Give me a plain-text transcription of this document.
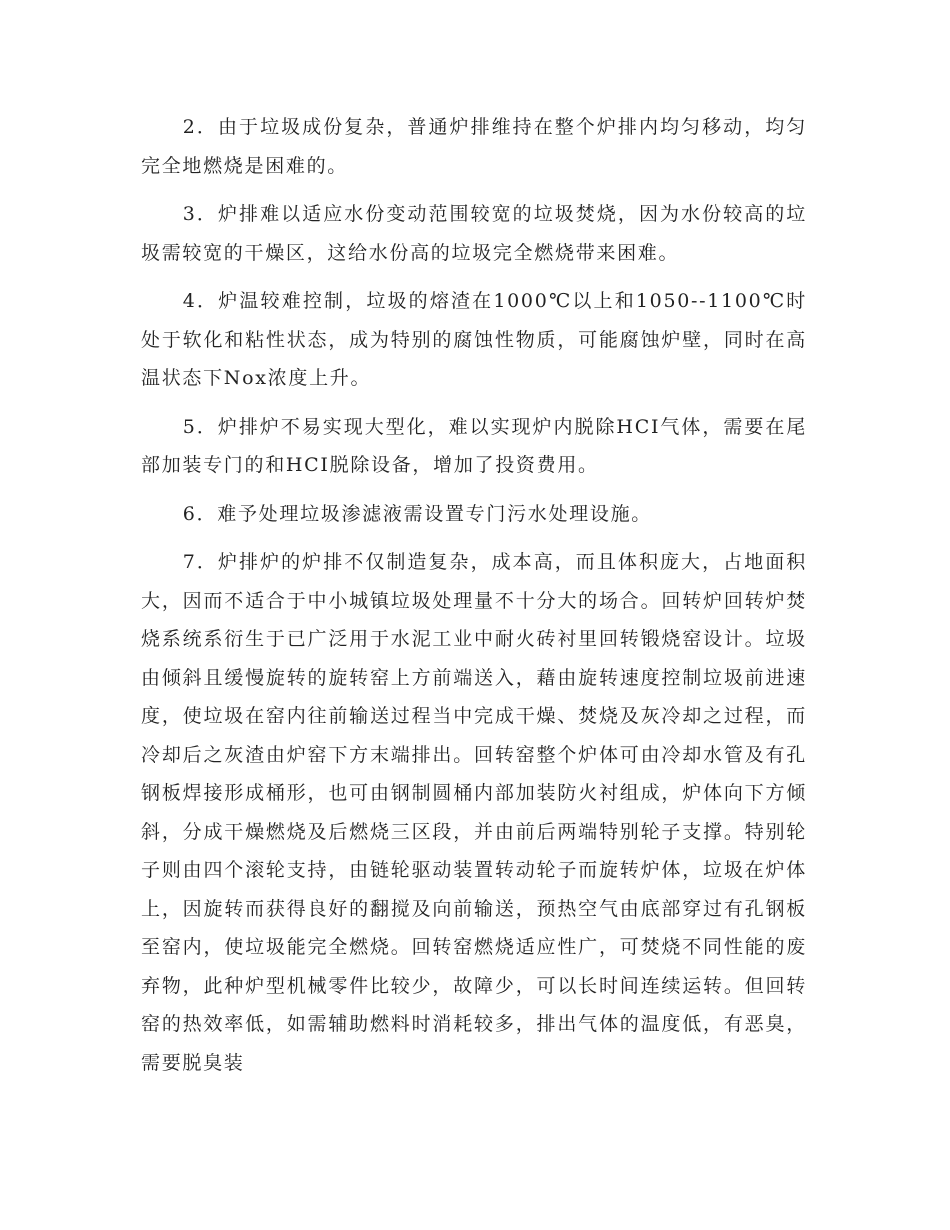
2．由于垃圾成份复杂，普通炉排维持在整个炉排内均匀移动，均匀完全地燃烧是困难的。

3．炉排难以适应水份变动范围较宽的垃圾焚烧，因为水份较高的垃圾需较宽的干燥区，这给水份高的垃圾完全燃烧带来困难。

4．炉温较难控制，垃圾的熔渣在1000℃以上和1050--1100℃时处于软化和粘性状态，成为特别的腐蚀性物质，可能腐蚀炉壁，同时在高温状态下Nox浓度上升。

5．炉排炉不易实现大型化，难以实现炉内脱除HCI气体，需要在尾部加装专门的和HCI脱除设备，增加了投资费用。

6．难予处理垃圾渗滤液需设置专门污水处理设施。

7．炉排炉的炉排不仅制造复杂，成本高，而且体积庞大，占地面积大，因而不适合于中小城镇垃圾处理量不十分大的场合。回转炉回转炉焚烧系统系衍生于已广泛用于水泥工业中耐火砖衬里回转锻烧窑设计。垃圾由倾斜且缓慢旋转的旋转窑上方前端送入，藉由旋转速度控制垃圾前进速度，使垃圾在窑内往前输送过程当中完成干燥、焚烧及灰冷却之过程，而冷却后之灰渣由炉窑下方末端排出。回转窑整个炉体可由冷却水管及有孔钢板焊接形成桶形，也可由钢制圆桶内部加装防火衬组成，炉体向下方倾斜，分成干燥燃烧及后燃烧三区段，并由前后两端特别轮子支撑。特别轮子则由四个滚轮支持，由链轮驱动装置转动轮子而旋转炉体，垃圾在炉体上，因旋转而获得良好的翻搅及向前输送，预热空气由底部穿过有孔钢板至窑内，使垃圾能完全燃烧。回转窑燃烧适应性广，可焚烧不同性能的废弃物，此种炉型机械零件比较少，故障少，可以长时间连续运转。但回转窑的热效率低，如需辅助燃料时消耗较多，排出气体的温度低，有恶臭，需要脱臭装
